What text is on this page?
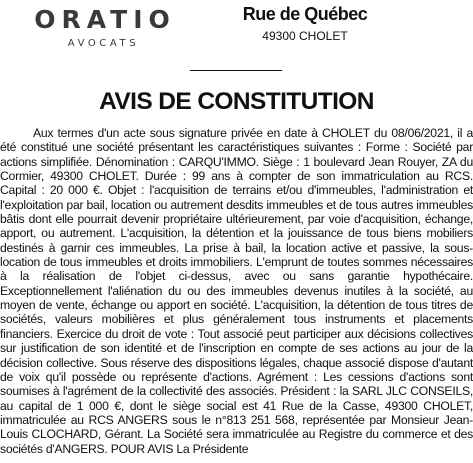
ORATIO
AVOCATS
Rue de Québec
49300 CHOLET
AVIS DE CONSTITUTION

Aux termes d'un acte sous signature privée en date à CHOLET du 08/06/2021, il a été constitué une société présentant les caractéristiques suivantes : Forme : Société par actions simplifiée. Dénomination : CARQU'IMMO. Siège : 1 boulevard Jean Rouyer, ZA du Cormier, 49300 CHOLET. Durée : 99 ans à compter de son immatriculation au RCS. Capital : 20 000 €. Objet : l'acquisition de terrains et/ou d'immeubles, l'administration et l'exploitation par bail, location ou autrement desdits immeubles et de tous autres immeubles bâtis dont elle pourrait devenir propriétaire ultérieurement, par voie d'acquisition, échange, apport, ou autrement. L'acquisition, la détention et la jouissance de tous biens mobiliers destinés à garnir ces immeubles. La prise à bail, la location active et passive, la sous-location de tous immeubles et droits immobiliers. L'emprunt de toutes sommes nécessaires à la réalisation de l'objet ci-dessus, avec ou sans garantie hypothécaire. Exceptionnellement l'aliénation du ou des immeubles devenus inutiles à la société, au moyen de vente, échange ou apport en société. L'acquisition, la détention de tous titres de sociétés, valeurs mobilières et plus généralement tous instruments et placements financiers. Exercice du droit de vote : Tout associé peut participer aux décisions collectives sur justification de son identité et de l'inscription en compte de ses actions au jour de la décision collective. Sous réserve des dispositions légales, chaque associé dispose d'autant de voix qu'il possède ou représente d'actions. Agrément : Les cessions d'actions sont soumises à l'agrément de la collectivité des associés. Président : la SARL JLC CONSEILS, au capital de 1 000 €, dont le siège social est 41 Rue de la Casse, 49300 CHOLET, immatriculée au RCS ANGERS sous le n°813 251 568, représentée par Monsieur Jean-Louis CLOCHARD, Gérant. La Société sera immatriculée au Registre du commerce et des sociétés d'ANGERS. POUR AVIS La Présidente
